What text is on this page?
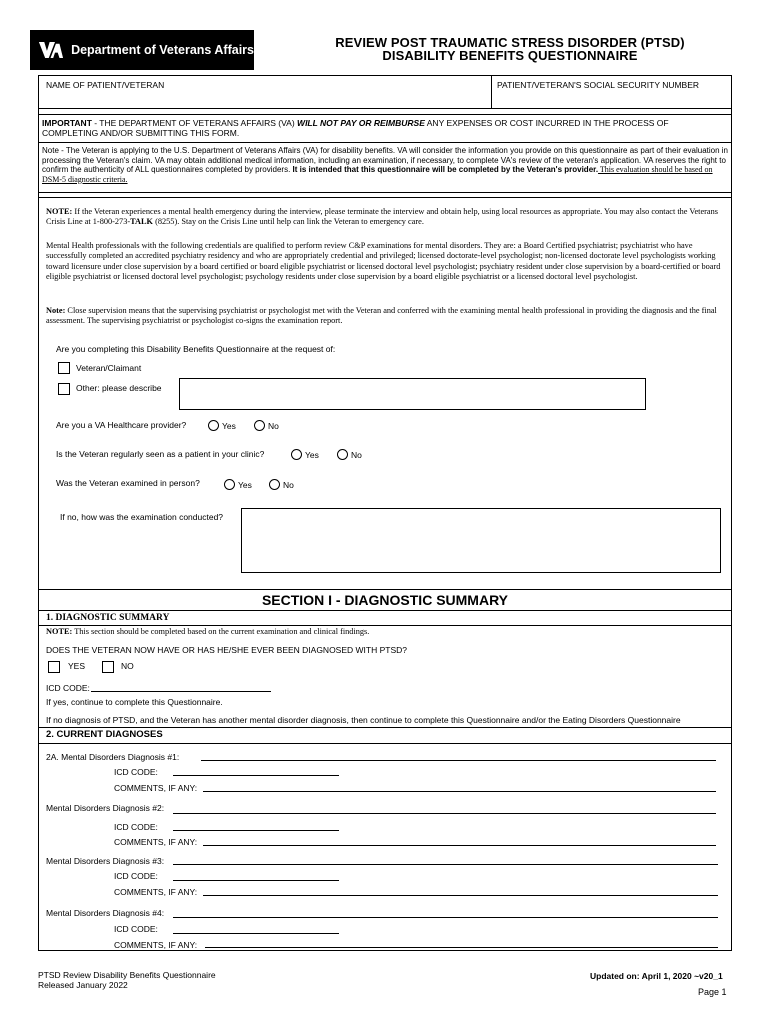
Department of Veterans Affairs	REVIEW POST TRAUMATIC STRESS DISORDER (PTSD)
DISABILITY BENEFITS QUESTIONNAIRE
NAME OF PATIENT/VETERAN	PATIENT/VETERAN'S SOCIAL SECURITY NUMBER
IMPORTANT - THE DEPARTMENT OF VETERANS AFFAIRS (VA) WILL NOT PAY OR REIMBURSE ANY EXPENSES OR COST INCURRED IN THE PROCESS OF COMPLETING AND/OR SUBMITTING THIS FORM.
Note - The Veteran is applying to the U.S. Department of Veterans Affairs (VA) for disability benefits. VA will consider the information you provide on this questionnaire as part of their evaluation in processing the Veteran's claim. VA may obtain additional medical information, including an examination, if necessary, to complete VA's review of the veteran's application. VA reserves the right to confirm the authenticity of ALL questionnaires completed by providers. It is intended that this questionnaire will be completed by the Veteran's provider. This evaluation should be based on DSM-5 diagnostic criteria.
NOTE: If the Veteran experiences a mental health emergency during the interview, please terminate the interview and obtain help, using local resources as appropriate. You may also contact the Veterans Crisis Line at 1-800-273-TALK (8255). Stay on the Crisis Line until help can link the Veteran to emergency care.
Mental Health professionals with the following credentials are qualified to perform review C&P examinations for mental disorders. They are: a Board Certified psychiatrist; psychiatrist who have successfully completed an accredited psychiatry residency and who are appropriately credential and privileged; licensed doctorate-level psychologist; non-licensed doctorate level psychologists working toward licensure under close supervision by a board certified or board eligible psychiatrist or licensed doctoral level psychologist; psychiatry resident under close supervision by a board-certified or board eligible psychiatrist or licensed doctoral level psychologist; psychology residents under close supervision by a board eligible psychiatrist or a licensed doctoral level psychologist.
Note: Close supervision means that the supervising psychiatrist or psychologist met with the Veteran and conferred with the examining mental health professional in providing the diagnosis and the final assessment. The supervising psychiatrist or psychologist co-signs the examination report.
Are you completing this Disability Benefits Questionnaire at the request of:
Veteran/Claimant
Other: please describe
Are you a VA Healthcare provider?	Yes	No
Is the Veteran regularly seen as a patient in your clinic?	Yes	No
Was the Veteran examined in person?	Yes	No
If no, how was the examination conducted?
SECTION I - DIAGNOSTIC SUMMARY
1. DIAGNOSTIC SUMMARY
NOTE: This section should be completed based on the current examination and clinical findings.
DOES THE VETERAN NOW HAVE OR HAS HE/SHE EVER BEEN DIAGNOSED WITH PTSD?
YES	NO
ICD CODE:
If yes, continue to complete this Questionnaire.
If no diagnosis of PTSD, and the Veteran has another mental disorder diagnosis, then continue to complete this Questionnaire and/or the Eating Disorders Questionnaire
2. CURRENT DIAGNOSES
2A. Mental Disorders Diagnosis #1:
ICD CODE:
COMMENTS, IF ANY:
Mental Disorders Diagnosis #2:
ICD CODE:
COMMENTS, IF ANY:
Mental Disorders Diagnosis #3:
ICD CODE:
COMMENTS, IF ANY:
Mental Disorders Diagnosis #4:
ICD CODE:
COMMENTS, IF ANY:
PTSD Review Disability Benefits Questionnaire
Released January 2022
Updated on: April 1, 2020 ~v20_1
Page 1
